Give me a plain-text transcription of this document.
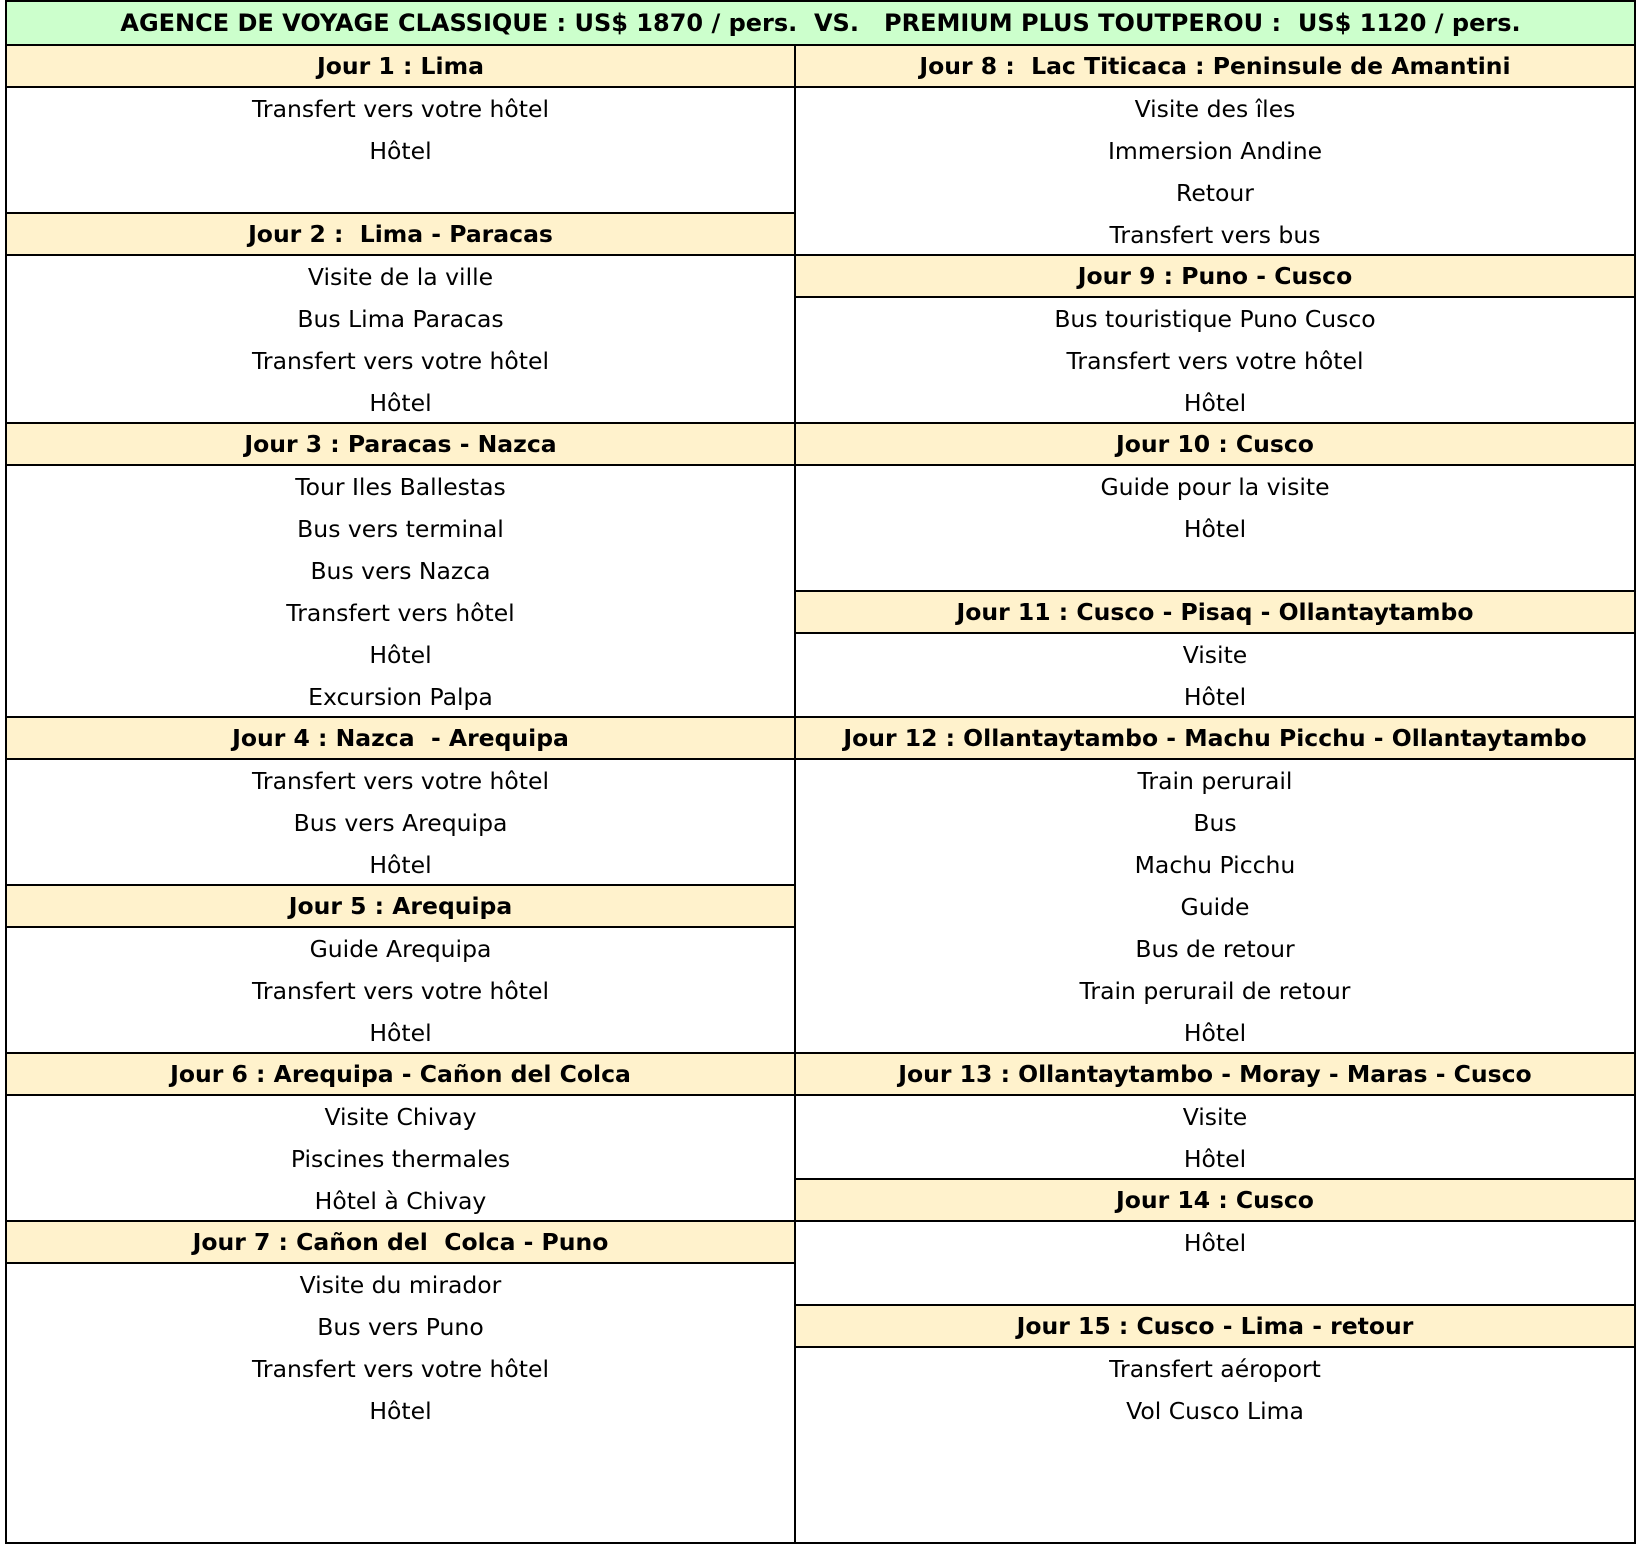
AGENCE DE VOYAGE CLASSIQUE : US$ 1870 / pers.  VS.   PREMIUM PLUS TOUTPEROU :  US$ 1120 / pers.
Jour 1 : Lima
Transfert vers votre hôtel
Hôtel
Jour 2 :  Lima - Paracas
Visite de la ville
Bus Lima Paracas
Transfert vers votre hôtel
Hôtel
Jour 3 : Paracas - Nazca
Tour Iles Ballestas
Bus vers terminal
Bus vers Nazca
Transfert vers hôtel
Hôtel
Excursion Palpa
Jour 4 : Nazca  - Arequipa
Transfert vers votre hôtel
Bus vers Arequipa
Hôtel
Jour 5 : Arequipa
Guide Arequipa
Transfert vers votre hôtel
Hôtel
Jour 6 : Arequipa - Cañon del Colca
Visite Chivay
Piscines thermales
Hôtel à Chivay
Jour 7 : Cañon del  Colca - Puno
Visite du mirador
Bus vers Puno
Transfert vers votre hôtel
Hôtel
Jour 8 :  Lac Titicaca : Peninsule de Amantini
Visite des îles
Immersion Andine
Retour
Transfert vers bus
Jour 9 : Puno - Cusco
Bus touristique Puno Cusco
Transfert vers votre hôtel
Hôtel
Jour 10 : Cusco
Guide pour la visite
Hôtel
Jour 11 : Cusco - Pisaq - Ollantaytambo
Visite
Hôtel
Jour 12 : Ollantaytambo - Machu Picchu - Ollantaytambo
Train perurail
Bus
Machu Picchu
Guide
Bus de retour
Train perurail de retour
Hôtel
Jour 13 : Ollantaytambo - Moray - Maras - Cusco
Visite
Hôtel
Jour 14 : Cusco
Hôtel
Jour 15 : Cusco - Lima - retour
Transfert aéroport
Vol Cusco Lima
